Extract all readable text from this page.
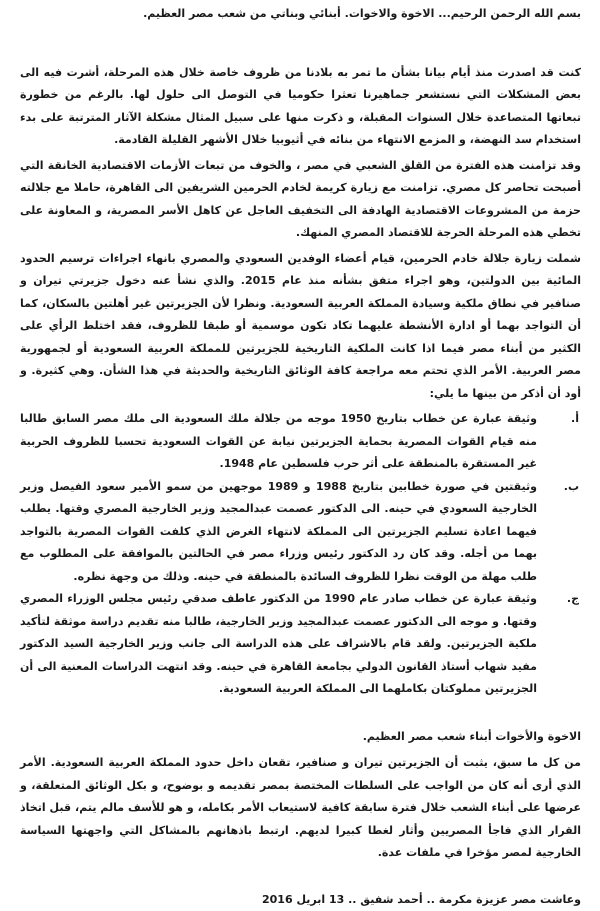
بسم الله الرحمن الرحيم... الاخوة والاخوات. أبنائي وبناتي من شعب مصر العظيم.

كنت قد اصدرت منذ أيام بيانا بشأن ما تمر به بلادنا من ظروف خاصة خلال هذه المرحلة، أشرت فيه الى بعض المشكلات التي نستشعر جماهيرنا تعثرا حكوميا في التوصل الى حلول لها. بالرغم من خطورة تبعاتها المتصاعدة خلال السنوات المقبلة، و ذكرت منها على سبيل المثال مشكلة الآثار المترتبة على بدء استخدام سد النهضة، و المزمع الانتهاء من بنائه في أثيوبيا خلال الأشهر القليلة القادمة.

وقد تزامنت هذه الفترة من القلق الشعبي في مصر ، والخوف من تبعات الأزمات الاقتصادية الخانقة التي أصبحت تحاصر كل مصري. تزامنت مع زيارة كريمة لخادم الحرمين الشريفين الى القاهرة، حاملا مع جلالته حزمة من المشروعات الاقتصادية الهادفة الى التخفيف العاجل عن كاهل الأسر المصرية، و المعاونة على تخطي هذه المرحلة الحرجة للاقتصاد المصري المنهك.

شملت زيارة جلالة خادم الحرمين، قيام أعضاء الوفدين السعودي والمصري بانهاء اجراءات ترسيم الحدود المائية بين الدولتين، وهو اجراء متفق بشأنه منذ عام 2015. والذي نشأ عنه دخول جزيرتي تيران و صنافير في نطاق ملكية وسيادة المملكة العربية السعودية. ونظرا لأن الجزيرتين غير أهلتين بالسكان، كما أن التواجد بهما أو ادارة الأنشطة عليهما تكاد تكون موسمية أو طبقا للظروف، فقد اختلط الرأي على الكثير من أبناء مصر فيما اذا كانت الملكية التاريخية للجزيرتين للمملكة العربية السعودية أو لجمهورية مصر العربية. الأمر الذي تحتم معه مراجعة كافة الوثائق التاريخية والحديثة في هذا الشأن. وهي كثيرة. و أود أن أذكر من بينها ما يلي:

أ.
وثيقة عبارة عن خطاب بتاريخ 1950 موجه من جلالة ملك السعودية الى ملك مصر السابق طالبا منه قيام القوات المصرية بحماية الجزيرتين نيابة عن القوات السعودية تحسبا للظروف الحربية غير المستقرة بالمنطقة على أثر حرب فلسطين عام 1948.
ب.
وثيقتين في صورة خطابين بتاريخ 1988 و 1989 موجهين من سمو الأمير سعود الفيصل وزير الخارجية السعودي في حينه. الى الدكتور عصمت عبدالمجيد وزير الخارجية المصري وقتها. يطلب فيهما اعادة تسليم الجزيرتين الى المملكة لانتهاء الغرض الذي كلفت القوات المصرية بالتواجد بهما من أجله. وقد كان رد الدكتور رئيس وزراء مصر في الحالتين بالموافقة على المطلوب مع طلب مهلة من الوقت نظرا للظروف السائدة بالمنطقة في حينه. وذلك من وجهة نظره.
ج.
وثيقة عبارة عن خطاب صادر عام 1990 من الدكتور عاطف صدقي رئيس مجلس الوزراء المصري وقتها. و موجه الى الدكتور عصمت عبدالمجيد وزير الخارجية، طالبا منه تقديم دراسة موثقة لتأكيد ملكية الجزيرتين. ولقد قام بالاشراف على هذه الدراسة الى جانب وزير الخارجية السيد الدكتور مفيد شهاب أستاذ القانون الدولي بجامعة القاهرة في حينه. وقد انتهت الدراسات المعنية الى أن الجزيرتين مملوكتان بكاملهما الى المملكة العربية السعودية.

الاخوة والأخوات أبناء شعب مصر العظيم.

من كل ما سبق، يثبت أن الجزيرتين تيران و صنافير، تقعان داخل حدود المملكة العربية السعودية. الأمر الذي أرى أنه كان من الواجب على السلطات المختصة بمصر تقديمه و بوضوح، و بكل الوثائق المتعلقة، و عرضها على أبناء الشعب خلال فترة سابقة كافية لاستيعاب الأمر بكامله، و هو للأسف مالم يتم، قبل اتخاذ القرار الذي فاجأ المصريين وأثار لغطا كبيرا لديهم. ارتبط باذهانهم بالمشاكل التي واجهتها السياسة الخارجية لمصر مؤخرا في ملفات عدة.

وعاشت مصر عزيزة مكرمة .. أحمد شفيق .. 13 ابريل 2016
